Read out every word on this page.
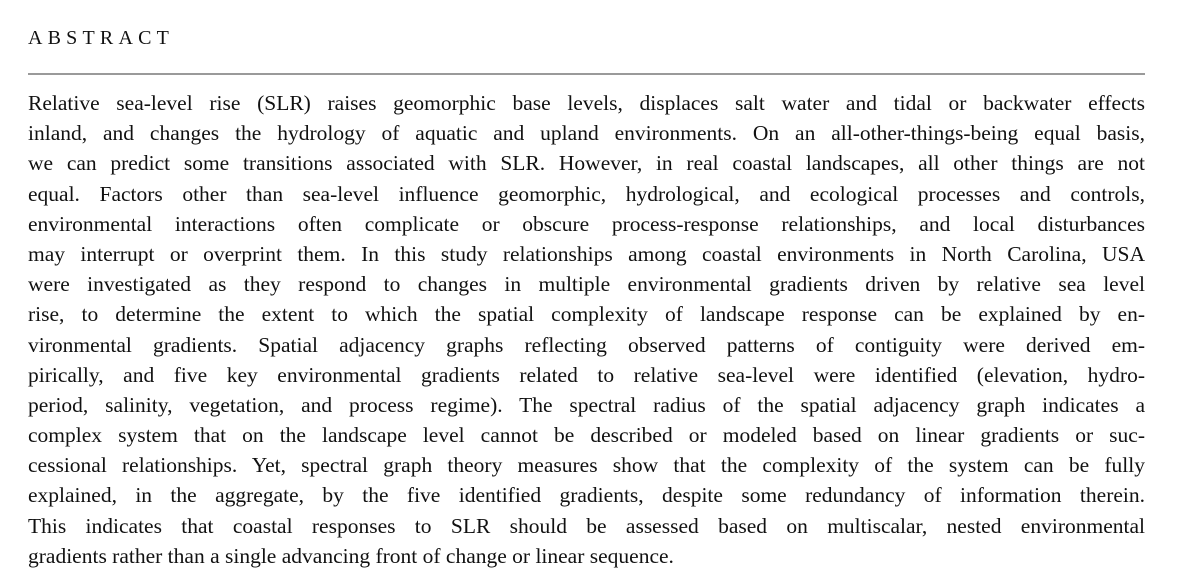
ABSTRACT
Relative sea-level rise (SLR) raises geomorphic base levels, displaces salt water and tidal or backwater effects
inland, and changes the hydrology of aquatic and upland environments. On an all-other-things-being equal basis,
we can predict some transitions associated with SLR. However, in real coastal landscapes, all other things are not
equal. Factors other than sea-level influence geomorphic, hydrological, and ecological processes and controls,
environmental interactions often complicate or obscure process-response relationships, and local disturbances
may interrupt or overprint them. In this study relationships among coastal environments in North Carolina, USA
were investigated as they respond to changes in multiple environmental gradients driven by relative sea level
rise, to determine the extent to which the spatial complexity of landscape response can be explained by en-
vironmental gradients. Spatial adjacency graphs reflecting observed patterns of contiguity were derived em-
pirically, and five key environmental gradients related to relative sea-level were identified (elevation, hydro-
period, salinity, vegetation, and process regime). The spectral radius of the spatial adjacency graph indicates a
complex system that on the landscape level cannot be described or modeled based on linear gradients or suc-
cessional relationships. Yet, spectral graph theory measures show that the complexity of the system can be fully
explained, in the aggregate, by the five identified gradients, despite some redundancy of information therein.
This indicates that coastal responses to SLR should be assessed based on multiscalar, nested environmental
gradients rather than a single advancing front of change or linear sequence.
